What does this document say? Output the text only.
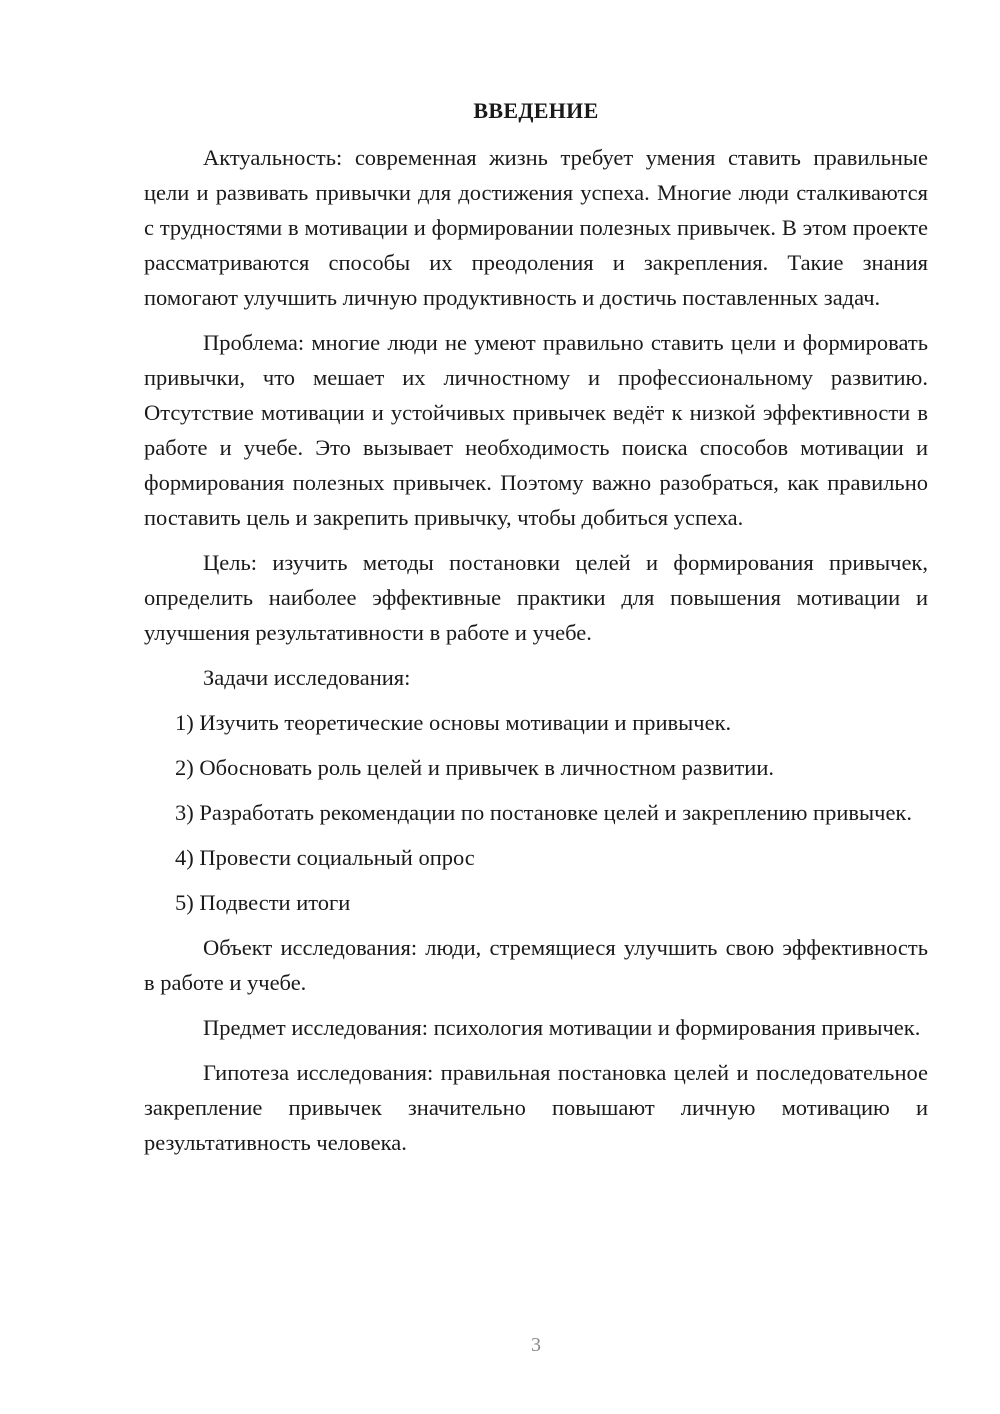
ВВЕДЕНИЕ

Актуальность: современная жизнь требует умения ставить правильные цели и развивать привычки для достижения успеха. Многие люди сталкиваются с трудностями в мотивации и формировании полезных привычек. В этом проекте рассматриваются способы их преодоления и закрепления. Такие знания помогают улучшить личную продуктивность и достичь поставленных задач.

Проблема: многие люди не умеют правильно ставить цели и формировать привычки, что мешает их личностному и профессиональному развитию. Отсутствие мотивации и устойчивых привычек ведёт к низкой эффективности в работе и учебе. Это вызывает необходимость поиска способов мотивации и формирования полезных привычек. Поэтому важно разобраться, как правильно поставить цель и закрепить привычку, чтобы добиться успеха.

Цель: изучить методы постановки целей и формирования привычек, определить наиболее эффективные практики для повышения мотивации и улучшения результативности в работе и учебе.

Задачи исследования:

1) Изучить теоретические основы мотивации и привычек.

2) Обосновать роль целей и привычек в личностном развитии.

3) Разработать рекомендации по постановке целей и закреплению привычек.

4) Провести социальный опрос

5) Подвести итоги

Объект исследования: люди, стремящиеся улучшить свою эффективность в работе и учебе.

Предмет исследования: психология мотивации и формирования привычек.

Гипотеза исследования: правильная постановка целей и последовательное закрепление привычек значительно повышают личную мотивацию и результативность человека.

3
